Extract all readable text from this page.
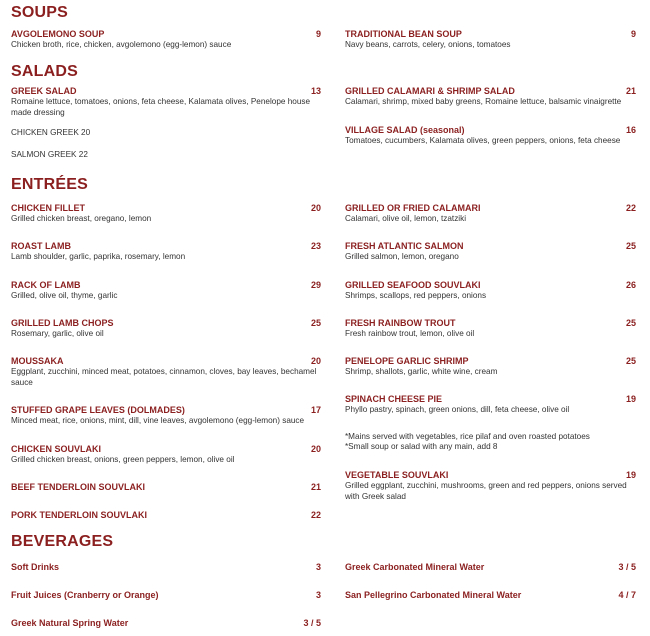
SOUPS
AVGOLEMONO SOUP	9
Chicken broth, rice, chicken, avgolemono (egg-lemon) sauce
TRADITIONAL BEAN SOUP	9
Navy beans, carrots, celery, onions, tomatoes
SALADS
GREEK SALAD	13
Romaine lettuce, tomatoes, onions, feta cheese, Kalamata olives, Penelope house made dressing
CHICKEN GREEK 20
SALMON GREEK 22
GRILLED CALAMARI & SHRIMP SALAD	21
Calamari, shrimp, mixed baby greens, Romaine lettuce, balsamic vinaigrette
VILLAGE SALAD (seasonal)	16
Tomatoes, cucumbers, Kalamata olives, green peppers, onions, feta cheese
ENTRÉES
CHICKEN FILLET	20
Grilled chicken breast, oregano, lemon
ROAST LAMB	23
Lamb shoulder, garlic, paprika, rosemary, lemon
RACK OF LAMB	29
Grilled, olive oil, thyme, garlic
GRILLED LAMB CHOPS	25
Rosemary, garlic, olive oil
MOUSSAKA	20
Eggplant, zucchini, minced meat, potatoes, cinnamon, cloves, bay leaves, bechamel sauce
STUFFED GRAPE LEAVES (DOLMADES)	17
Minced meat, rice, onions, mint, dill, vine leaves, avgolemono (egg-lemon) sauce
CHICKEN SOUVLAKI	20
Grilled chicken breast, onions, green peppers, lemon, olive oil
BEEF TENDERLOIN SOUVLAKI	21
PORK TENDERLOIN SOUVLAKI	22
GRILLED OR FRIED CALAMARI	22
Calamari, olive oil, lemon, tzatziki
FRESH ATLANTIC SALMON	25
Grilled salmon, lemon, oregano
GRILLED SEAFOOD SOUVLAKI	26
Shrimps, scallops, red peppers, onions
FRESH RAINBOW TROUT	25
Fresh rainbow trout, lemon, olive oil
PENELOPE GARLIC SHRIMP	25
Shrimp, shallots, garlic, white wine, cream
SPINACH CHEESE PIE	19
Phyllo pastry, spinach, green onions, dill, feta cheese, olive oil
*Mains served with vegetables, rice pilaf and oven roasted potatoes
*Small soup or salad with any main, add 8
VEGETABLE SOUVLAKI	19
Grilled eggplant, zucchini, mushrooms, green and red peppers, onions served with Greek salad
BEVERAGES
Soft Drinks	3
Fruit Juices (Cranberry or Orange)	3
Greek Natural Spring Water	3 / 5
Greek Carbonated Mineral Water	3 / 5
San Pellegrino Carbonated Mineral Water	4 / 7
